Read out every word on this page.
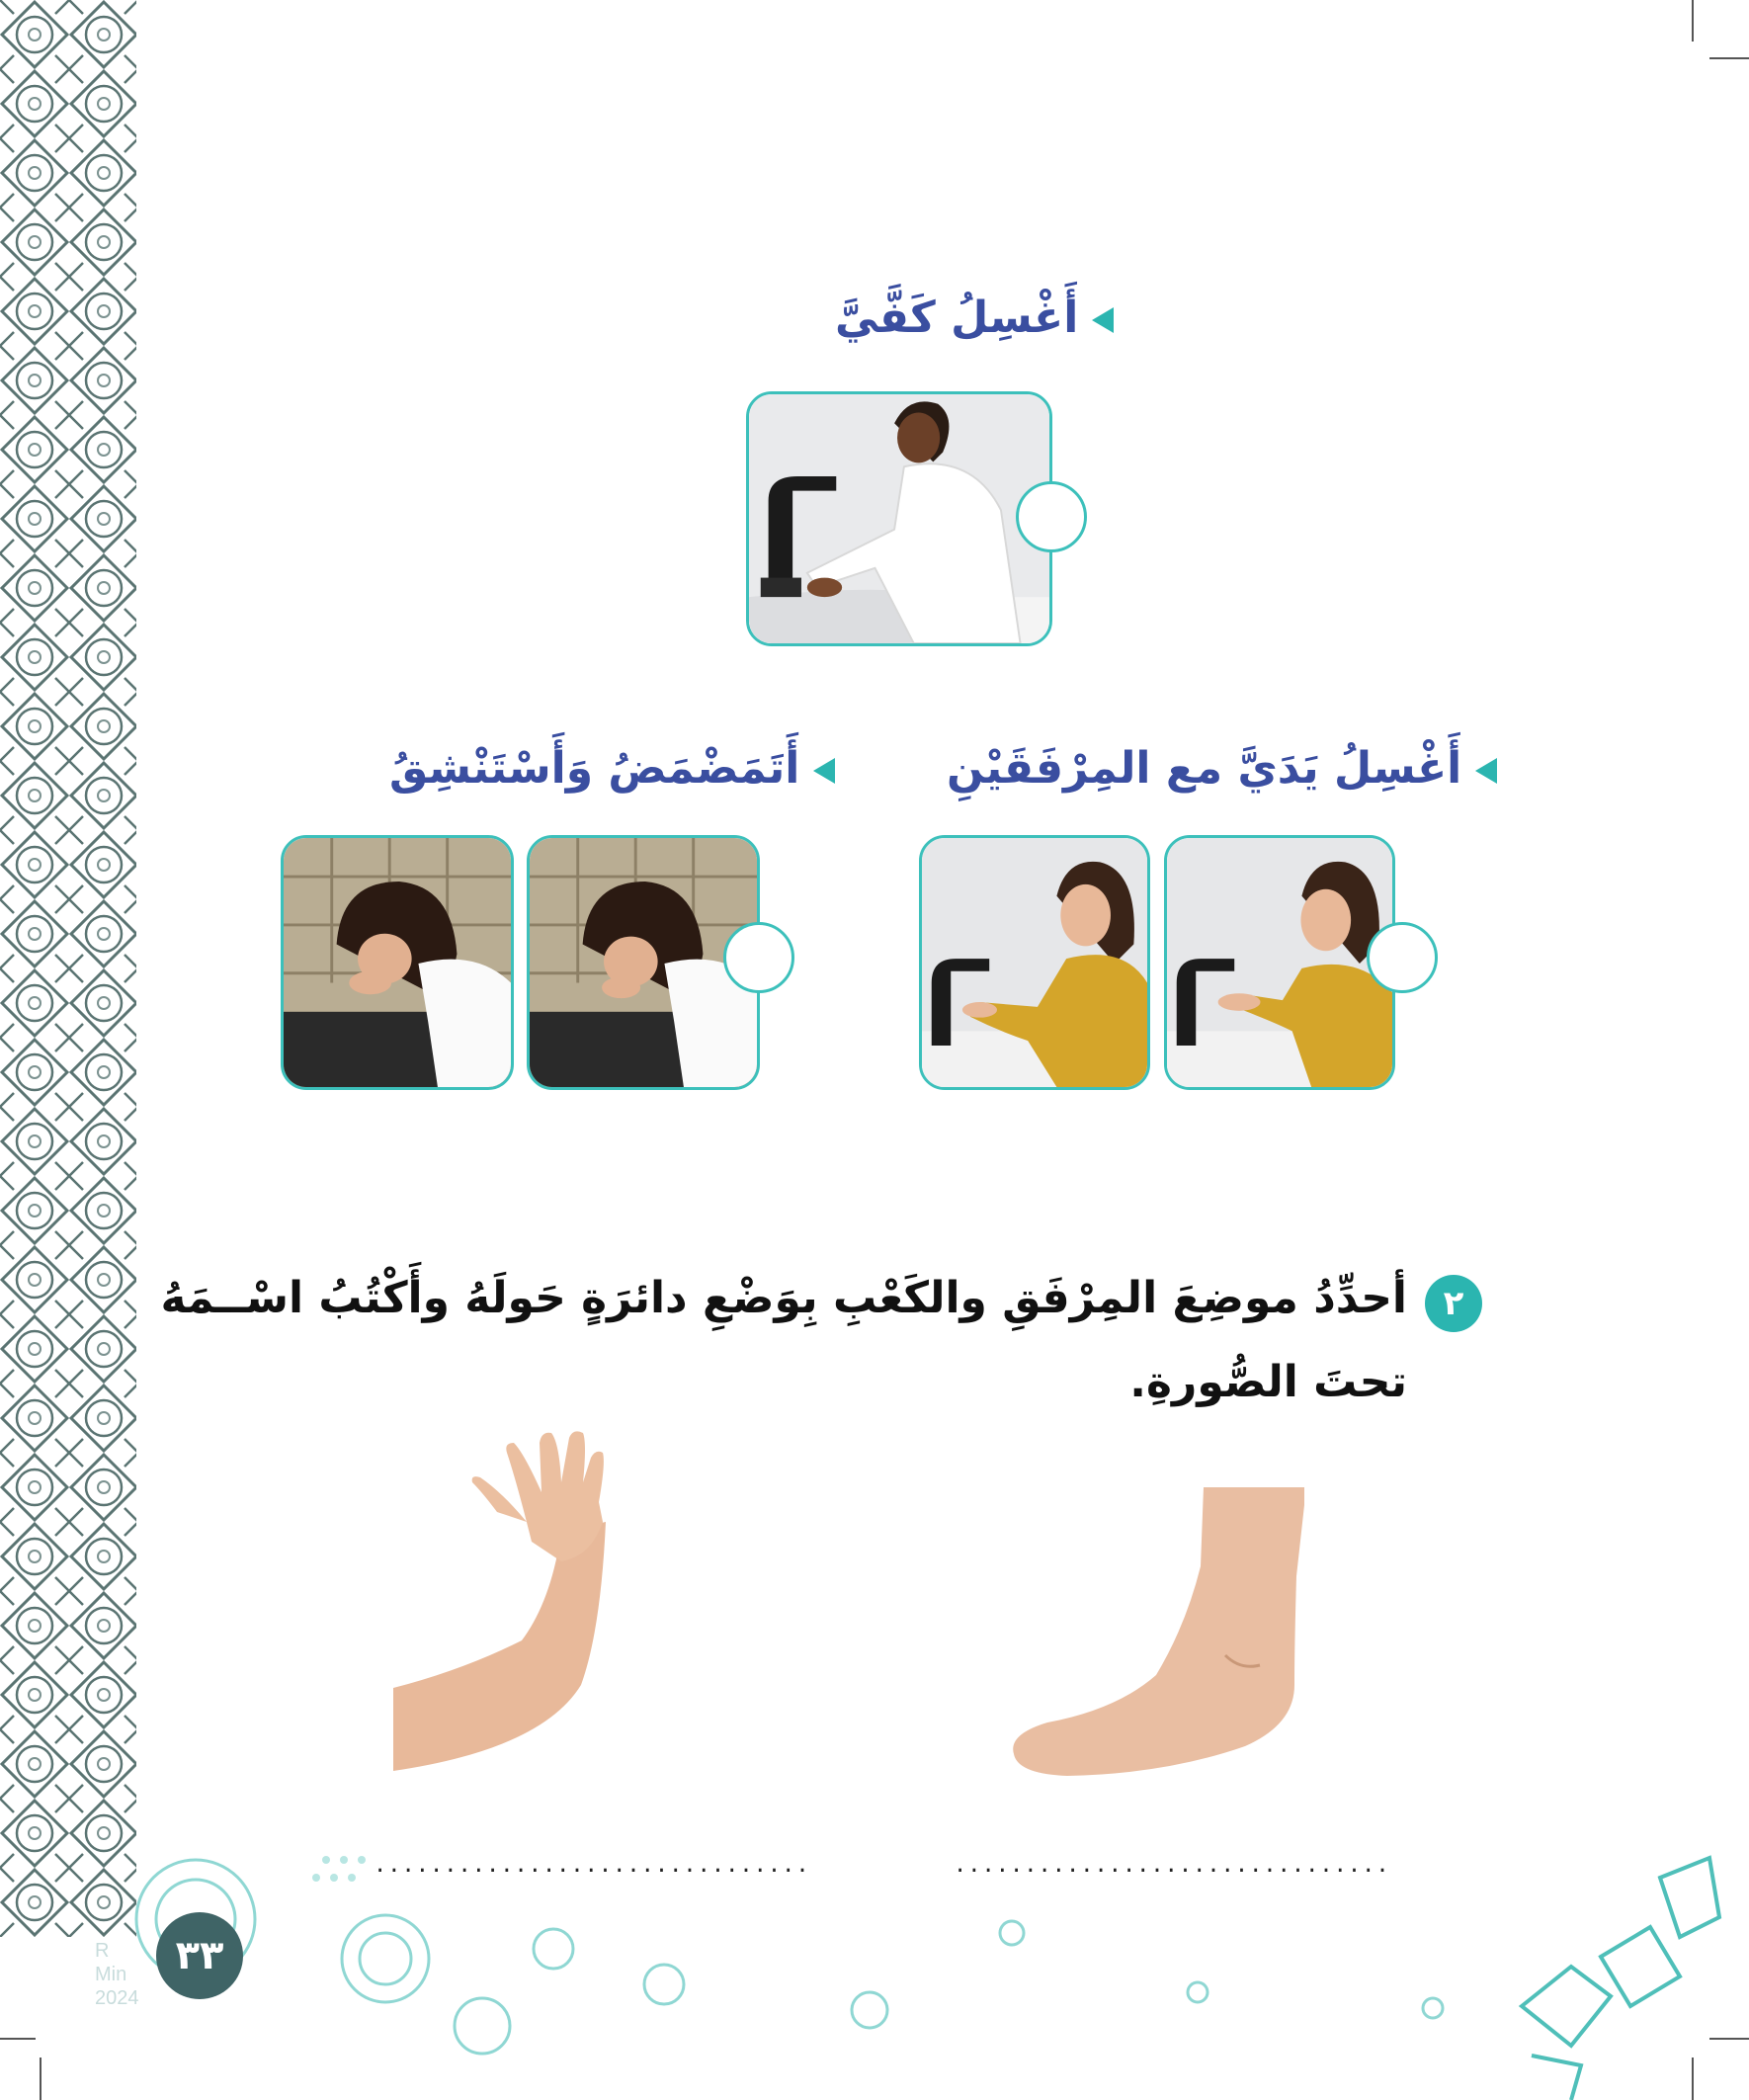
أَغْسِلُ كَفَّيَّ
أَغْسِلُ يَدَيَّ مع المِرْفَقَيْنِ
أَتَمَضْمَضُ وَأَسْتَنْشِقُ
٢
أحدِّدُ موضِعَ المِرْفَقِ والكَعْبِ بِوَضْعِ دائرَةٍ حَولَهُ وأَكْتُبُ اسْــمَهُ
تحتَ الصُّورةِ.
...............................	...............................
٣٣
R
Min
2024
